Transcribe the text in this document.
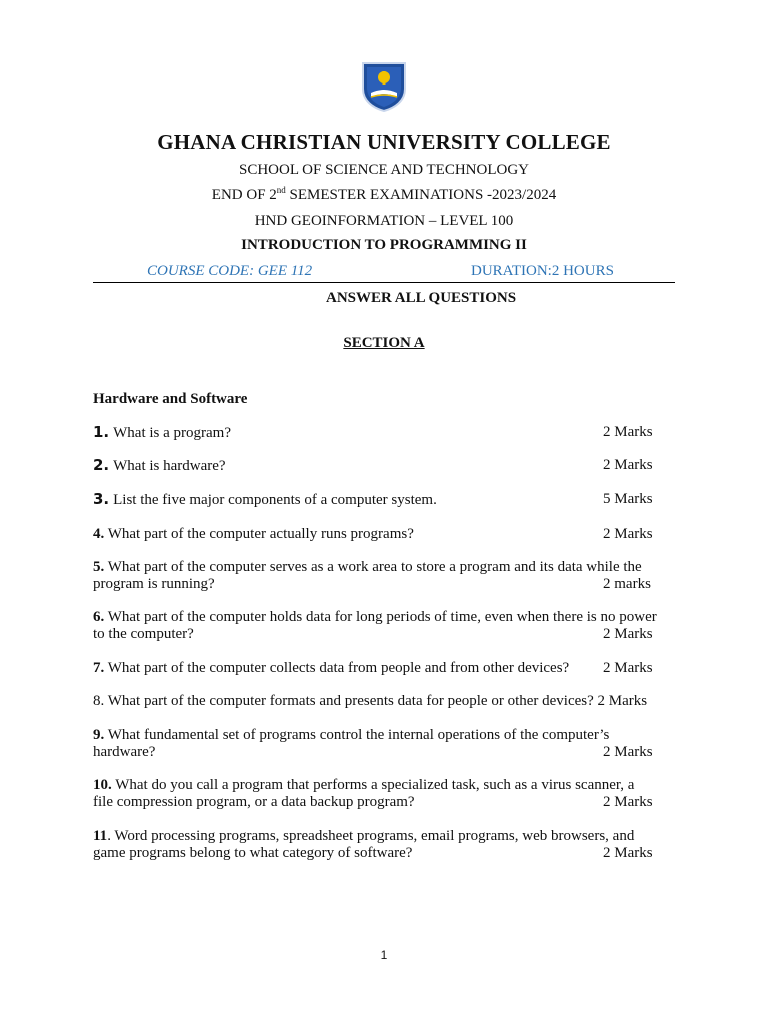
GHANA CHRISTIAN UNIVERSITY COLLEGE
SCHOOL OF SCIENCE AND TECHNOLOGY
END OF 2nd SEMESTER EXAMINATIONS -2023/2024
HND GEOINFORMATION – LEVEL 100
INTRODUCTION TO PROGRAMMING II
COURSE CODE: GEE 112	DURATION:2 HOURS
ANSWER ALL QUESTIONS
SECTION A
Hardware and Software
1. What is a program?	2 Marks
2. What is hardware?	2 Marks
3. List the five major components of a computer system.	5 Marks
4. What part of the computer actually runs programs?	2 Marks
5. What part of the computer serves as a work area to store a program and its data while the
program is running?	2 marks
6. What part of the computer holds data for long periods of time, even when there is no power
to the computer?	2 Marks
7. What part of the computer collects data from people and from other devices? 2 Marks
8. What part of the computer formats and presents data for people or other devices? 2 Marks
9. What fundamental set of programs control the internal operations of the computer’s
hardware?	2 Marks
10. What do you call a program that performs a specialized task, such as a virus scanner, a
file compression program, or a data backup program?	2 Marks
11. Word processing programs, spreadsheet programs, email programs, web browsers, and
game programs belong to what category of software?	2 Marks
1
